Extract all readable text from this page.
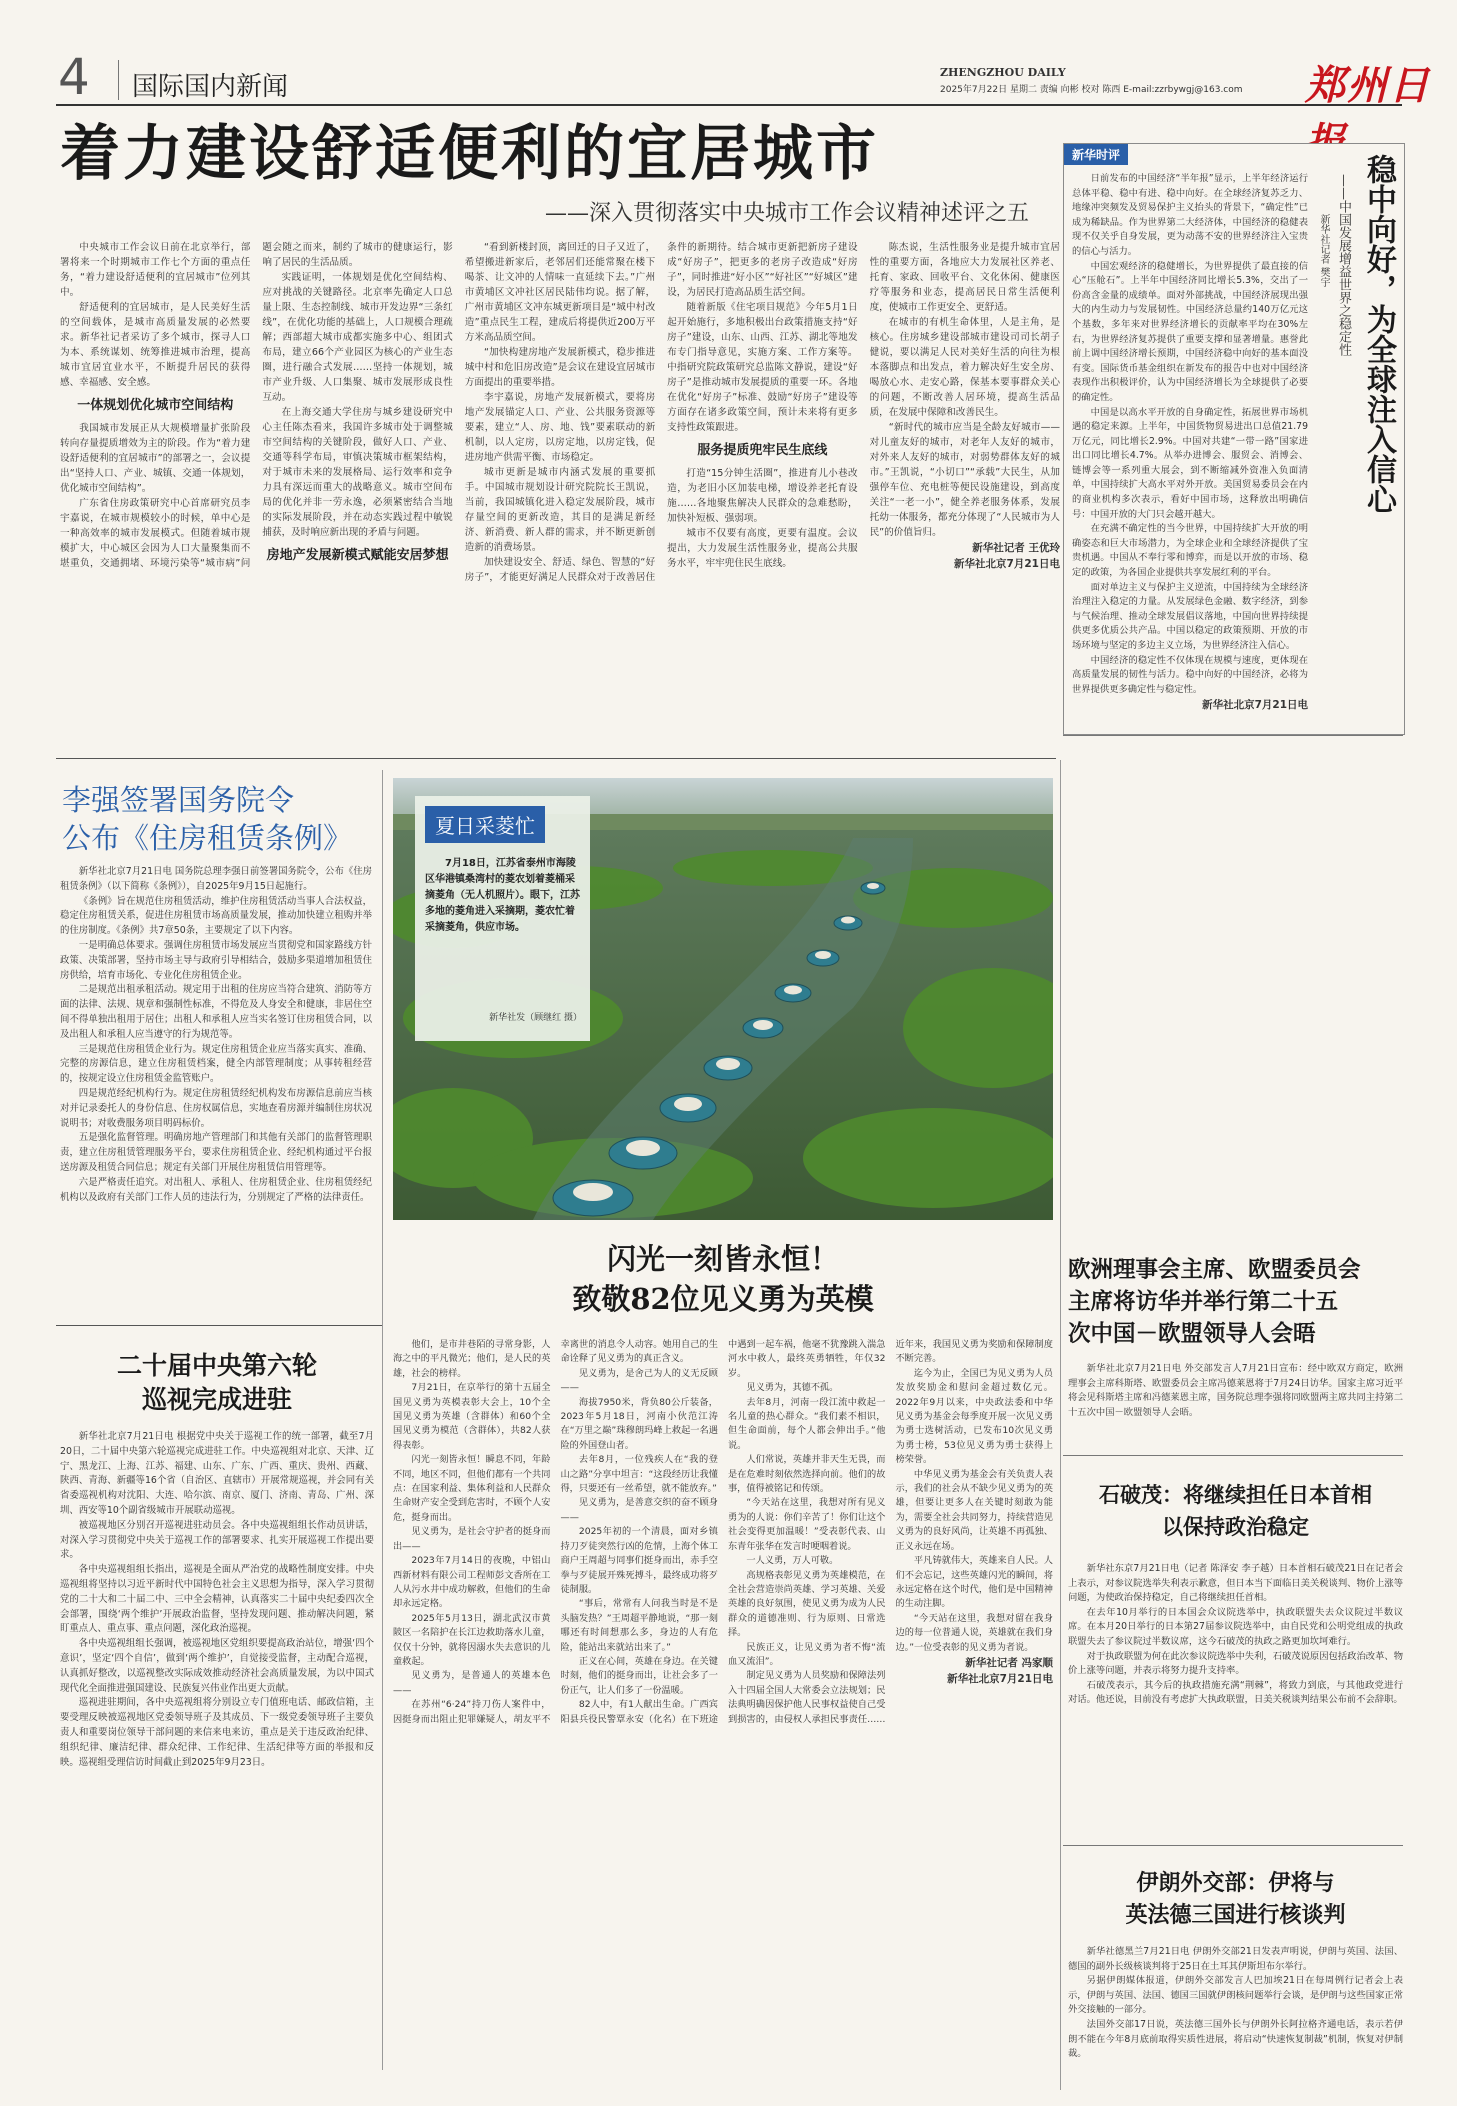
4 国际国内新闻	ZHENGZHOU DAILY	郑州日
2025年7月22日 星期二 责编 向彬 校对 陈西 E-mail:zzrbywgj@163.com
着力建设舒适便利的宜居城市
——深入贯彻落实中央城市工作会议精神述评之五
中央城市工作会议日前在北京举行，部署将来一个时期城市工作七个方面的重点任务，“着力建设舒适便利的宜居城市”位列其中。
舒适便利的宜居城市，是人民美好生活的空间载体，是城市高质量发展的必然要求。新华社记者采访了多个城市，探寻人口为本、系统谋划、统筹推进城市治理，提高城市宜居宜业水平，不断提升居民的获得感、幸福感、安全感。
一体规划优化城市空间结构
我国城市发展正从大规模增量扩张阶段转向存量提质增效为主的阶段。作为“着力建设舒适便利的宜居城市”的部署之一，会议提出“坚持人口、产业、城镇、交通一体规划，优化城市空间结构”。
广东省住房政策研究中心首席研究员李宇嘉说，在城市规模较小的时候，单中心是一种高效率的城市发展模式。但随着城市规模扩大，中心城区会因为人口大量聚集而不堪重负，交通拥堵、环境污染等“城市病”问题会随之而来，制约了城市的健康运行，影响了居民的生活品质。
实践证明，一体规划是优化空间结构、应对挑战的关键路径。北京率先确定人口总量上限、生态控制线、城市开发边界“三条红线”，在优化功能的基础上，人口规模合理疏解；西部超大城市成都实施多中心、组团式布局，建立66个产业园区为核心的产业生态圈，进行融合式发展……坚持一体规划，城市产业升级、人口集聚、城市发展形成良性互动。
在上海交通大学住房与城乡建设研究中心主任陈杰看来，我国许多城市处于调整城市空间结构的关键阶段，做好人口、产业、交通等科学布局，审慎决策城市框架结构，对于城市未来的发展格局、运行效率和竞争力具有深远而重大的战略意义。城市空间布局的优化并非一劳永逸，必须紧密结合当地的实际发展阶段，并在动态实践过程中敏锐捕获，及时响应新出现的矛盾与问题。
房地产发展新模式赋能安居梦想
“看到新楼封顶，离回迁的日子又近了，希望搬进新家后，老邻居们还能常聚在楼下喝茶、让文冲的人情味一直延续下去。”广州市黄埔区文冲社区居民陆伟均说。据了解，广州市黄埔区文冲东城更新项目是“城中村改造”重点民生工程，建成后将提供近200万平方米高品质空间。
“加快构建房地产发展新模式，稳步推进城中村和危旧房改造”是会议在建设宜居城市方面提出的重要举措。
李宇嘉说，房地产发展新模式，要将房地产发展锚定人口、产业、公共服务资源等要素，建立“人、房、地、钱”要素联动的新机制，以人定房，以房定地，以房定钱，促进房地产供需平衡、市场稳定。
城市更新是城市内涵式发展的重要抓手。中国城市规划设计研究院院长王凯说，当前，我国城镇化进入稳定发展阶段，城市存量空间的更新改造，其目的是满足新经济、新消费、新人群的需求，并不断更新创造新的消费场景。
加快建设安全、舒适、绿色、智慧的“好房子”，才能更好满足人民群众对于改善居住条件的新期待。结合城市更新把新房子建设成“好房子”，把更多的老房子改造成“好房子”，同时推进“好小区”“好社区”“好城区”建设，为居民打造高品质生活空间。
随着新版《住宅项目规范》今年5月1日起开始施行，多地积极出台政策措施支持“好房子”建设，山东、山西、江苏、湖北等地发布专门指导意见，实施方案、工作方案等。中指研究院政策研究总监陈文静说，建设“好房子”是推动城市发展提质的重要一环。各地在优化“好房子”标准、鼓励“好房子”建设等方面存在诸多政策空间，预计未来将有更多支持性政策跟进。
服务提质兜牢民生底线
打造“15分钟生活圈”，推进育儿小巷改造，为老旧小区加装电梯，增设养老托育设施……各地聚焦解决人民群众的急难愁盼，加快补短板、强弱项。
城市不仅要有高度，更要有温度。会议提出，大力发展生活性服务业，提高公共服务水平，牢牢兜住民生底线。
陈杰说，生活性服务业是提升城市宜居性的重要方面，各地应大力发展社区养老、托育、家政、回收平台、文化休闲、健康医疗等服务和业态，提高居民日常生活便利度，使城市工作更安全、更舒适。
在城市的有机生命体里，人是主角，是核心。住房城乡建设部城市建设司司长胡子健说，要以满足人民对美好生活的向往为根本落脚点和出发点，着力解决好生安全房、喝放心水、走安心路，保基本要事群众关心的问题，不断改善人居环境，提高生活品质，在发展中保障和改善民生。
“新时代的城市应当是全龄友好城市——对儿童友好的城市，对老年人友好的城市，对外来人友好的城市，对弱势群体友好的城市。”王凯说，“小切口”“承载”大民生，从加强停车位、充电桩等便民设施建设，到高度关注“一老一小”，健全养老服务体系，发展托幼一体服务，都充分体现了“人民城市为人民”的价值旨归。
新华社记者 王优玲
新华社北京7月21日电
新华时评
日前发布的中国经济“半年报”显示，上半年经济运行总体平稳、稳中有进、稳中向好。在全球经济复苏乏力、地缘冲突频发及贸易保护主义抬头的背景下，“确定性”已成为稀缺品。作为世界第二大经济体，中国经济的稳健表现不仅关乎自身发展，更为动荡不安的世界经济注入宝贵的信心与活力。
中国宏观经济的稳健增长，为世界提供了最直接的信心“压舱石”。上半年中国经济同比增长5.3%，交出了一份高含金量的成绩单。面对外部挑战，中国经济展现出强大的内生动力与发展韧性。中国经济总量约140万亿元这个基数，多年来对世界经济增长的贡献率平均在30%左右，为世界经济复苏提供了重要支撑和显著增量。惠誉此前上调中国经济增长预期，中国经济稳中向好的基本面没有变。国际货币基金组织在新发布的报告中也对中国经济表现作出积极评价，认为中国经济增长为全球提供了必要的确定性。
中国是以高水平开放的自身确定性，拓展世界市场机遇的稳定来源。上半年，中国货物贸易进出口总值21.79万亿元，同比增长2.9%。中国对共建“一带一路”国家进出口同比增长4.7%。从举办进博会、服贸会、消博会、链博会等一系列重大展会，到不断缩减外资准入负面清单，中国持续扩大高水平对外开放。美国贸易委员会在内的商业机构多次表示，看好中国市场，这释放出明确信号：中国开放的大门只会越开越大。
在充满不确定性的当今世界，中国持续扩大开放的明确姿态和巨大市场潜力，为全球企业和全球经济提供了宝贵机遇。中国从不奉行零和博弈，而是以开放的市场、稳定的政策，为各国企业提供共享发展红利的平台。
面对单边主义与保护主义逆流，中国持续为全球经济治理注入稳定的力量。从发展绿色金融、数字经济，到参与气候治理、推动全球发展倡议落地，中国向世界持续提供更多优质公共产品。中国以稳定的政策预期、开放的市场环境与坚定的多边主义立场，为世界经济注入信心。
中国经济的稳定性不仅体现在规模与速度，更体现在高质量发展的韧性与活力。稳中向好的中国经济，必将为世界提供更多确定性与稳定性。
新华社北京7月21日电
稳中向好，为全球注入信心
——中国发展增益世界之稳定性
新华社记者 樊宇
李强签署国务院令
公布《住房租赁条例》
新华社北京7月21日电 国务院总理李强日前签署国务院令，公布《住房租赁条例》（以下简称《条例》），自2025年9月15日起施行。
《条例》旨在规范住房租赁活动，维护住房租赁活动当事人合法权益，稳定住房租赁关系，促进住房租赁市场高质量发展，推动加快建立租购并举的住房制度。《条例》共7章50条，主要规定了以下内容。
一是明确总体要求。强调住房租赁市场发展应当贯彻党和国家路线方针政策、决策部署，坚持市场主导与政府引导相结合，鼓励多渠道增加租赁住房供给，培育市场化、专业化住房租赁企业。
二是规范出租承租活动。规定用于出租的住房应当符合建筑、消防等方面的法律、法规、规章和强制性标准，不得危及人身安全和健康，非居住空间不得单独出租用于居住；出租人和承租人应当实名签订住房租赁合同，以及出租人和承租人应当遵守的行为规范等。
三是规范住房租赁企业行为。规定住房租赁企业应当落实真实、准确、完整的房源信息，建立住房租赁档案，健全内部管理制度；从事转租经营的，按规定设立住房租赁金监管账户。
四是规范经纪机构行为。规定住房租赁经纪机构发布房源信息前应当核对并记录委托人的身份信息、住房权属信息，实地查看房源并编制住房状况说明书；对收费服务项目明码标价。
五是强化监督管理。明确房地产管理部门和其他有关部门的监督管理职责，建立住房租赁管理服务平台，要求住房租赁企业、经纪机构通过平台报送房源及租赁合同信息；规定有关部门开展住房租赁信用管理等。
六是严格责任追究。对出租人、承租人、住房租赁企业、住房租赁经纪机构以及政府有关部门工作人员的违法行为，分别规定了严格的法律责任。
夏日采菱忙
7月18日，江苏省泰州市海陵区华港镇桑湾村的菱农划着菱桶采摘菱角（无人机照片）。眼下，江苏多地的菱角进入采摘期，菱农忙着采摘菱角，供应市场。
新华社发（顾继红 摄）
闪光一刻皆永恒！
致敬82位见义勇为英模
他们，是市井巷陌的寻常身影，人海之中的平凡微光；他们，是人民的英雄，社会的榜样。
7月21日，在京举行的第十五届全国见义勇为英模表彰大会上，10个全国见义勇为英雄（含群体）和60个全国见义勇为模范（含群体），共82人获得表彰。
闪光一刻皆永恒！瞬息不同，年龄不同，地区不同，但他们都有一个共同点：在国家利益、集体利益和人民群众生命财产安全受到危害时，不顾个人安危，挺身而出。
见义勇为，是社会守护者的挺身而出——
2023年7月14日的夜晚，中铝山西新材料有限公司工程师彭文香所在工人从污水井中成功解救，但他们的生命却永远定格。
2025年5月13日，湖北武汉市黄陂区一名陪护在长江边救助落水儿童，仅仅十分钟，就将因溺水失去意识的儿童救起。
见义勇为，是普通人的英雄本色——
在苏州“6·24”持刀伤人案件中，因挺身而出阻止犯罪嫌疑人，胡友平不幸离世的消息令人动容。她用自己的生命诠释了见义勇为的真正含义。
见义勇为，是舍己为人的义无反顾——
海拔7950米，背负80公斤装备，2023年5月18日，河南小伙范江涛在“万里之巅”珠穆朗玛峰上救起一名遇险的外国登山者。
去年8月，一位残疾人在“我的登山之路”分享中坦言：“这段经历让我懂得，只要还有一丝希望，就不能放弃。”
见义勇为，是善意交织的奋不顾身——
2025年初的一个清晨，面对乡镇持刀歹徒突然行凶的危情，上海个体工商户王周超与同事们挺身而出，赤手空拳与歹徒展开殊死搏斗，最终成功将歹徒制服。
“事后，常常有人问我当时是不是头脑发热？”王周超平静地说，“那一刻哪还有时间想那么多，身边的人有危险，能站出来就站出来了。”
正义在心间，英雄在身边。在关键时刻，他们的挺身而出，让社会多了一份正气，让人们多了一份温暖。
82人中，有1人献出生命。广西宾阳县兵役民警覃永安（化名）在下班途中遇到一起车祸，他毫不犹豫跳入湍急河水中救人，最终英勇牺牲，年仅32岁。
见义勇为，其德不孤。
去年8月，河南一段江流中救起一名儿童的热心群众。“我们素不相识，但生命面前，每个人都会伸出手。”他说。
人们常说，英雄并非天生无畏，而是在危难时刻依然选择向前。他们的故事，值得被铭记和传颂。
“今天站在这里，我想对所有见义勇为的人说：你们辛苦了！你们让这个社会变得更加温暖！”受表彰代表、山东青年张华在发言时哽咽着说。
一人义勇，万人可敬。
高规格表彰见义勇为英雄模范，在全社会营造崇尚英雄、学习英雄、关爱英雄的良好氛围，使见义勇为成为人民群众的道德准则、行为原则、日常选择。
民族正义，让见义勇为者不悔“流血又流泪”。
制定见义勇为人员奖励和保障法列入十四届全国人大常委会立法规划；民法典明确因保护他人民事权益使自己受到损害的，由侵权人承担民事责任……近年来，我国见义勇为奖励和保障制度不断完善。
迄今为止，全国已为见义勇为人员发放奖励金和慰问金超过数亿元。2022年9月以来，中央政法委和中华见义勇为基金会每季度开展一次见义勇为勇士选树活动，已发布10次见义勇为勇士榜，53位见义勇为勇士获得上榜荣誉。
中华见义勇为基金会有关负责人表示，我们的社会从不缺少见义勇为的英雄，但要让更多人在关键时刻敢为能为，需要全社会共同努力，持续营造见义勇为的良好风尚，让英雄不再孤独、正义永远在场。
平凡铸就伟大，英雄来自人民。人们不会忘记，这些英雄闪光的瞬间，将永远定格在这个时代，他们是中国精神的生动注脚。
“今天站在这里，我想对留在我身边的每一位普通人说，英雄就在我们身边。”一位受表彰的见义勇为者说。
新华社记者 冯家顺
新华社北京7月21日电
二十届中央第六轮
巡视完成进驻
新华社北京7月21日电 根据党中央关于巡视工作的统一部署，截至7月20日，二十届中央第六轮巡视完成进驻工作。中央巡视组对北京、天津、辽宁、黑龙江、上海、江苏、福建、山东、广东、广西、重庆、贵州、西藏、陕西、青海、新疆等16个省（自治区、直辖市）开展常规巡视，并会同有关省委巡视机构对沈阳、大连、哈尔滨、南京、厦门、济南、青岛、广州、深圳、西安等10个副省级城市开展联动巡视。
被巡视地区分别召开巡视进驻动员会。各中央巡视组组长作动员讲话，对深入学习贯彻党中央关于巡视工作的部署要求、扎实开展巡视工作提出要求。
各中央巡视组组长指出，巡视是全面从严治党的战略性制度安排。中央巡视组将坚持以习近平新时代中国特色社会主义思想为指导，深入学习贯彻党的二十大和二十届二中、三中全会精神，认真落实二十届中央纪委四次全会部署，围绕‘两个维护’开展政治监督，坚持发现问题、推动解决问题，紧盯重点人、重点事、重点问题，深化政治巡视。
各中央巡视组组长强调，被巡视地区党组织要提高政治站位，增强‘四个意识’，坚定‘四个自信’，做到‘两个维护’，自觉接受监督，主动配合巡视，认真抓好整改，以巡视整改实际成效推动经济社会高质量发展，为以中国式现代化全面推进强国建设、民族复兴伟业作出更大贡献。
巡视进驻期间，各中央巡视组将分别设立专门值班电话、邮政信箱，主要受理反映被巡视地区党委领导班子及其成员、下一级党委领导班子主要负责人和重要岗位领导干部问题的来信来电来访，重点是关于违反政治纪律、组织纪律、廉洁纪律、群众纪律、工作纪律、生活纪律等方面的举报和反映。巡视组受理信访时间截止到2025年9月23日。
欧洲理事会主席、欧盟委员会
主席将访华并举行第二十五
次中国－欧盟领导人会晤
新华社北京7月21日电 外交部发言人7月21日宣布：经中欧双方商定，欧洲理事会主席科斯塔、欧盟委员会主席冯德莱恩将于7月24日访华。国家主席习近平将会见科斯塔主席和冯德莱恩主席，国务院总理李强将同欧盟两主席共同主持第二十五次中国－欧盟领导人会晤。
石破茂：将继续担任日本首相
以保持政治稳定
新华社东京7月21日电（记者 陈泽安 李子越）日本首相石破茂21日在记者会上表示，对参议院选举失利表示歉意，但日本当下面临日美关税谈判、物价上涨等问题，为使政治保持稳定，自己将继续担任首相。
在去年10月举行的日本国会众议院选举中，执政联盟失去众议院过半数议席。在本月20日举行的日本第27届参议院选举中，由自民党和公明党组成的执政联盟失去了参议院过半数议席，这今石破茂的执政之路更加坎坷难行。
对于执政联盟为何在此次参议院选举中失利，石破茂说原因包括政治改革、物价上涨等问题，并表示将努力提升支持率。
石破茂表示，其今后的执政措施充满“荆棘”，将致力到底，与其他政党进行对话。他还说，目前没有考虑扩大执政联盟，日美关税谈判结果公布前不会辞职。
伊朗外交部：伊将与
英法德三国进行核谈判
新华社德黑兰7月21日电 伊朗外交部21日发表声明说，伊朗与英国、法国、德国的副外长级核谈判将于25日在土耳其伊斯坦布尔举行。
另据伊朗媒体报道，伊朗外交部发言人巴加埃21日在每周例行记者会上表示，伊朗与英国、法国、德国三国就伊朗核问题举行会谈，是伊朗与这些国家正常外交接触的一部分。
法国外交部17日说，英法德三国外长与伊朗外长阿拉格齐通电话，表示若伊朗不能在今年8月底前取得实质性进展，将启动“快速恢复制裁”机制，恢复对伊制裁。
